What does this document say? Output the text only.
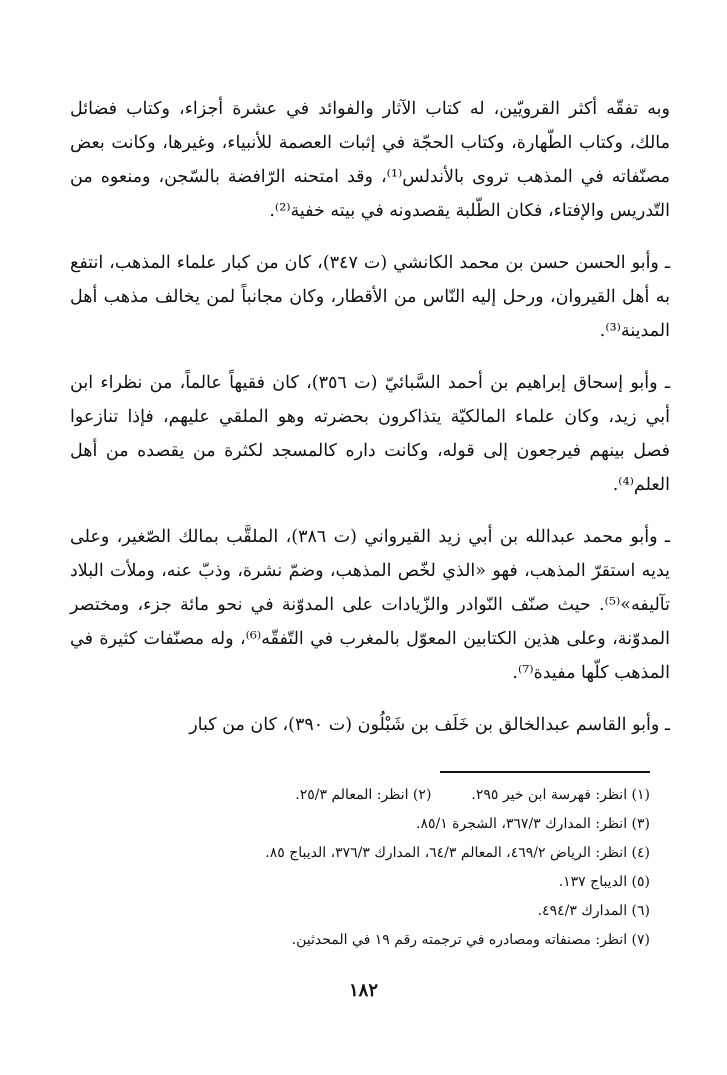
وبه تفقّه أكثر القرويّين، له كتاب الآثار والفوائد في عشرة أجزاء، وكتاب فضائل مالك، وكتاب الطّهارة، وكتاب الحجّة في إثبات العصمة للأنبياء، وغيرها، وكانت بعض مصنّفاته في المذهب تروى بالأندلس⁽¹⁾، وقد امتحنه الرّافضة بالسّجن، ومنعوه من التّدريس والإفتاء، فكان الطّلبة يقصدونه في بيته خفية⁽²⁾.

ـ وأبو الحسن حسن بن محمد الكانشي (ت ٣٤٧)، كان من كبار علماء المذهب، انتفع به أهل القيروان، ورحل إليه النّاس من الأقطار، وكان مجانباً لمن يخالف مذهب أهل المدينة⁽³⁾.

ـ وأبو إسحاق إبراهيم بن أحمد السَّبائيّ (ت ٣٥٦)، كان فقيهاً عالماً، من نظراء ابن أبي زيد، وكان علماء المالكيّة يتذاكرون بحضرته وهو الملقي عليهم، فإذا تنازعوا فصل بينهم فيرجعون إلى قوله، وكانت داره كالمسجد لكثرة من يقصده من أهل العلم⁽⁴⁾.

ـ وأبو محمد عبدالله بن أبي زيد القيرواني (ت ٣٨٦)، الملقَّب بمالك الصّغير، وعلى يديه استقرّ المذهب، فهو «الذي لخّص المذهب، وضمّ نشرة، وذبّ عنه، وملأت البلاد تآليفه»⁽⁵⁾. حيث صنّف النّوادر والزّيادات على المدوّنة في نحو مائة جزء، ومختصر المدوّنة، وعلى هذين الكتابين المعوّل بالمغرب في التّفقّه⁽⁶⁾، وله مصنّفات كثيرة في المذهب كلّها مفيدة⁽⁷⁾.

ـ وأبو القاسم عبدالخالق بن خَلَف بن شَبْلُون (ت ٣٩٠)، كان من كبار

(١) انظر: فهرسة ابن خير ٢٩٥.(٢) انظر: المعالم ٢٥/٣.
(٣) انظر: المدارك ٣٦٧/٣، الشجرة ٨٥/١.
(٤) انظر: الرياض ٤٦٩/٢، المعالم ٦٤/٣، المدارك ٣٧٦/٣، الديباج ٨٥.
(٥) الديباج ١٣٧.
(٦) المدارك ٤٩٤/٣.
(٧) انظر: مصنفاته ومصادره في ترجمته رقم ١٩ في المحدثين.
١٨٢
